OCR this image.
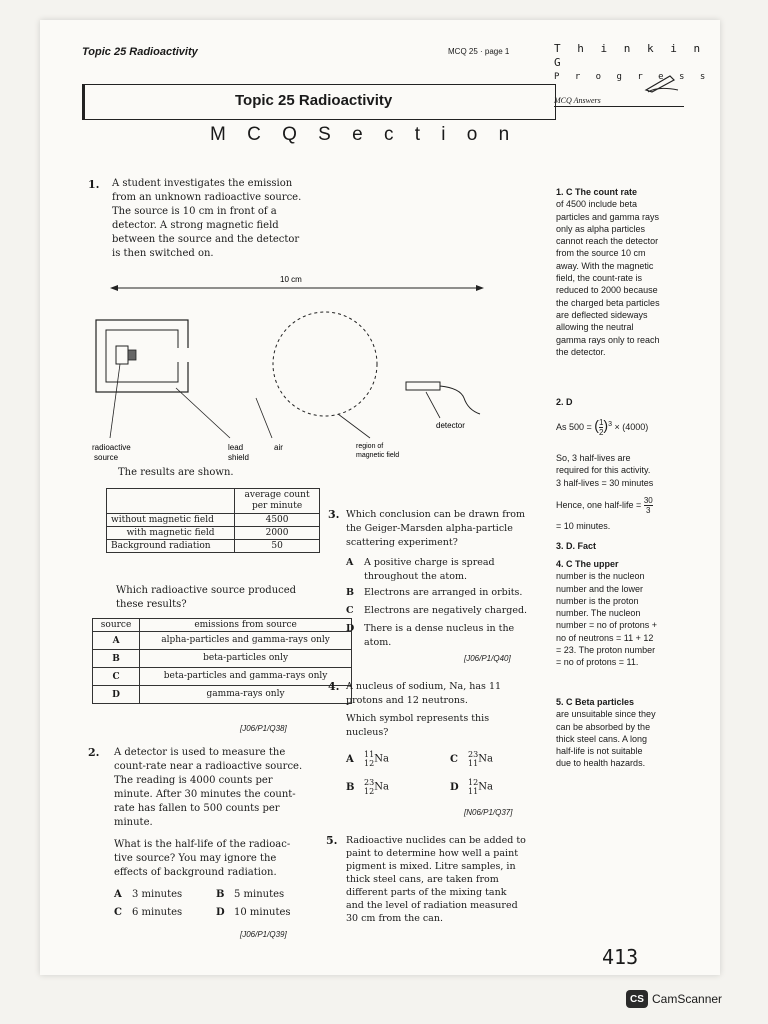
Topic 25 Radioactivity	MCQ 25 · page 1	T h i n k i n G
P r o g r e s s
MCQ Answers
Topic 25 Radioactivity
M C Q S e c t i o n
1. A student investigates the emission
from an unknown radioactive source.
The source is 10 cm in front of a
detector. A strong magnetic field
between the source and the detector
is then switched on.
10 cm
radioactive
source
lead
shield
air	region of
magnetic field
detector
The results are shown.

	average count
per minute

without magnetic field	4500
with magnetic field	2000
Background radiation	50
Which radioactive source produced
these results?
source	emissions from source
A	alpha-particles and gamma-rays only
B	beta-particles only
C	beta-particles and gamma-rays only
D	gamma-rays only
[J06/P1/Q38]
2. A detector is used to measure the
count-rate near a radioactive source.
The reading is 4000 counts per
minute. After 30 minutes the count-
rate has fallen to 500 counts per
minute.
What is the half-life of the radioac-
tive source? You may ignore the
effects of background radiation.
A 3 minutes	B 5 minutes
C 6 minutes	D 10 minutes
[J06/P1/Q39]
3. Which conclusion can be drawn from
the Geiger-Marsden alpha-particle
scattering experiment?
A A positive charge is spread
throughout the atom.
B Electrons are arranged in orbits.
C Electrons are negatively charged.
D There is a dense nucleus in the
atom.
[J06/P1/Q40]
4. A nucleus of sodium, Na, has 11
protons and 12 neutrons.
Which symbol represents this
nucleus?
A 11
12 Na	C 23
11 Na
B 23
12 Na	D 12
11 Na
[N06/P1/Q37]
5. Radioactive nuclides can be added to
paint to determine how well a paint
pigment is mixed. Litre samples, in
thick steel cans, are taken from
different parts of the mixing tank
and the level of radiation measured
30 cm from the can.
1. C The count rate
of 4500 include beta
particles and gamma rays
only as alpha particles
cannot reach the detector
from the source 10 cm
away. With the magnetic
field, the count-rate is
reduced to 2000 because
the charged beta particles
are deflected sideways
allowing the neutral
gamma rays only to reach
the detector.
2. D
As 500 = ( $\frac{1}{2} )^3 \times (4000)$
So, 3 half-lives are
required for this activity.
3 half-lives = 30 minutes
Hence, one half-life = $\frac{30}{3}$
= 10 minutes.
3. D. Fact
4. C The upper
number is the nucleon
number and the lower
number is the proton
number. The nucleon
number = no of protons +
no of neutrons = 11 + 12
= 23. The proton number
= no of protons = 11.
5. C Beta particles
are unsuitable since they
can be absorbed by the
thick steel cans. A long
half-life is not suitable
due to health hazards.
413
CS CamScanner
